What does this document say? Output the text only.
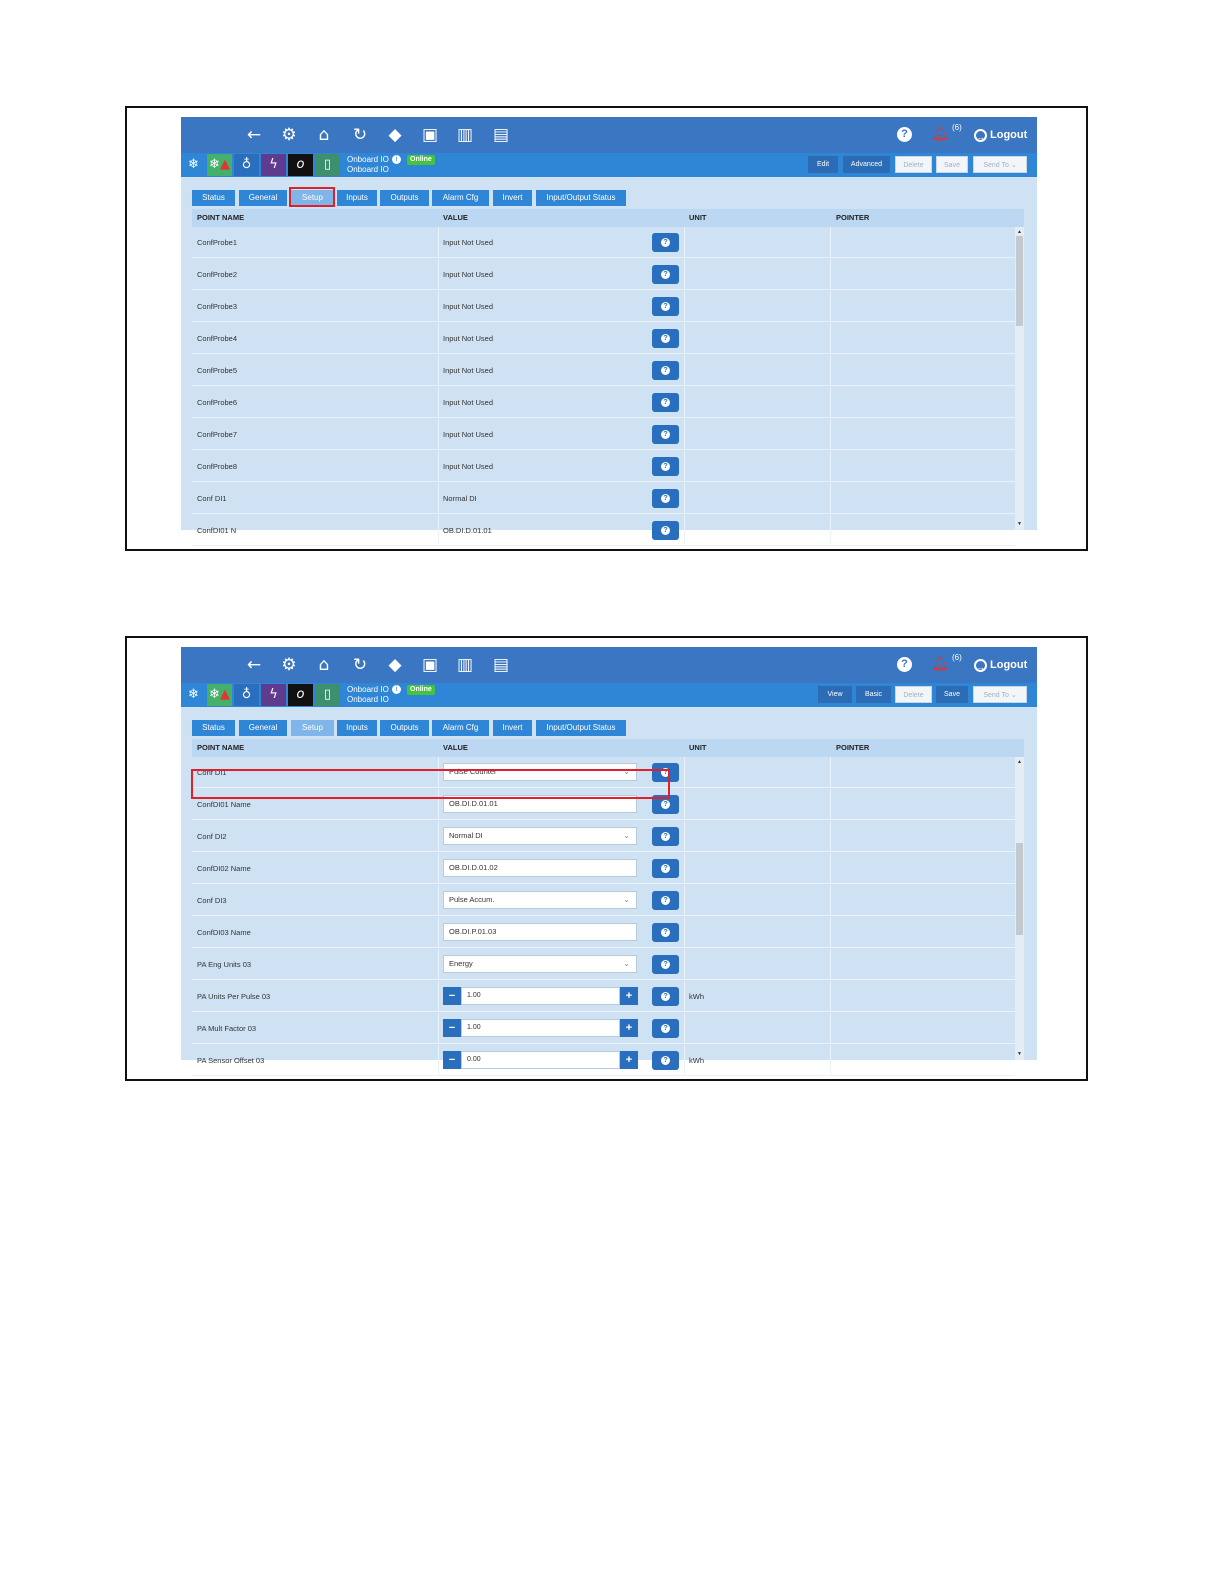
← ⚙	⌂	↻ ◆ ▣ ▥ ▤	? 🔔︎ (6)
→ Logout
❄ ❄▲ ♁	ϟ	o	▯	Onboard IO i
Onboard IO
Online
Edit	Advanced	Delete	Save	Send To ⌄
Status	General	Setup	Inputs	Outputs	Alarm Cfg	Invert	Input/Output Status
POINT NAME	VALUE	UNIT	POINTER
ConfProbe1	Input Not Used	?
ConfProbe2	Input Not Used	?
ConfProbe3	Input Not Used	?
ConfProbe4	Input Not Used	?
ConfProbe5	Input Not Used	?
ConfProbe6	Input Not Used	?
ConfProbe7	Input Not Used	?
ConfProbe8	Input Not Used	?
Conf DI1	Normal DI	?
ConfDI01 N	OB.DI.D.01.01	?
▲
▼
← ⚙	⌂	↻ ◆ ▣ ▥ ▤	? 🔔︎ (6)
→ Logout
❄ ❄▲ ♁	ϟ	o	▯	Onboard IO i
Onboard IO
Online
View	Basic	Delete	Save	Send To ⌄
Status	General	Setup	Inputs	Outputs	Alarm Cfg	Invert	Input/Output Status
POINT NAME	VALUE	UNIT	POINTER
Conf DI1	Pulse Counter	⌄	?
ConfDI01 Name	OB.DI.D.01.01	?
Conf DI2	Normal DI	⌄	?
ConfDI02 Name	OB.DI.D.01.02	?
Conf DI3	Pulse Accum.	⌄	?
ConfDI03 Name	OB.DI.P.01.03	?
PA Eng Units 03	Energy	⌄	?
PA Units Per Pulse 03	−	1.00	+	?	kWh
PA Mult Factor 03	−	1.00	+	?
PA Sensor Offset 03	−	0.00	+	?	kWh
▲
▼
